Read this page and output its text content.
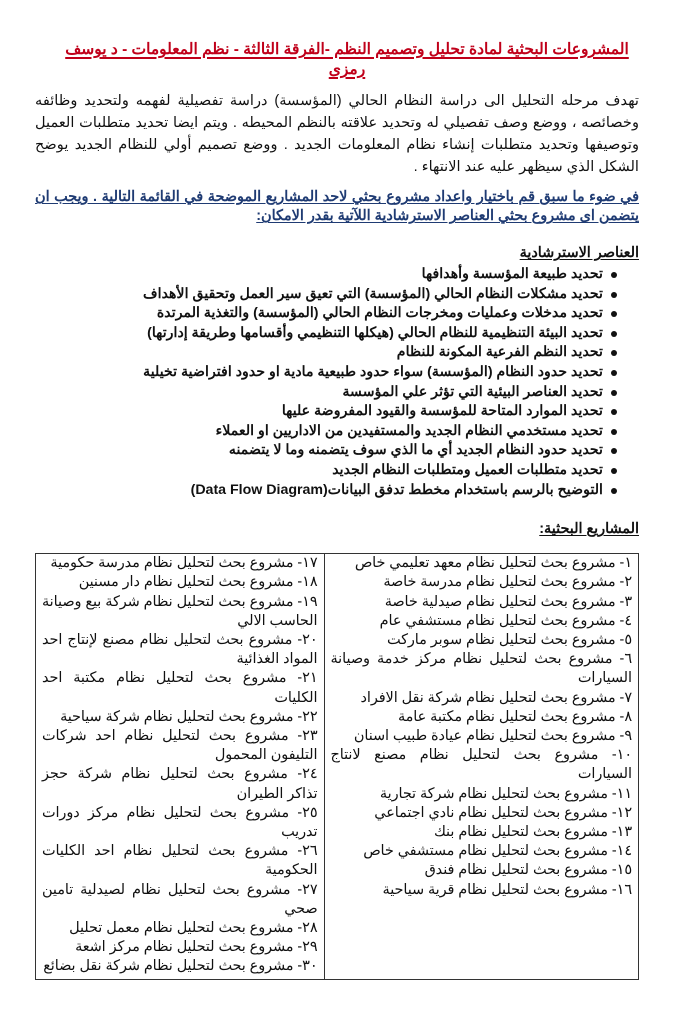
المشروعات البحثية لمادة تحليل وتصميم النظم -الفرقة الثالثة - نظم المعلومات - د يوسف رمزى
تهدف مرحله التحليل الى دراسة النظام الحالي (المؤسسة) دراسة تفصيلية لفهمه ولتحديد وظائفه وخصائصه ، ووضع وصف تفصيلي له وتحديد علاقته بالنظم المحيطه . ويتم ايضا تحديد متطلبات العميل وتوصيفها وتحديد متطلبات إنشاء نظام المعلومات الجديد . ووضع تصميم أولي للنظام الجديد يوضح الشكل الذي سيظهر عليه عند الانتهاء .
في ضوء ما سبق قم باختيار واعداد مشروع بحثي لاحد المشاريع الموضحة في القائمة التالية . ويجب ان يتضمن اى مشروع بحثي العناصر الاسترشادية اللآتية بقدر الامكان:
العناصر الاسترشادية
تحديد طبيعة المؤسسة وأهدافها
تحديد مشكلات النظام الحالي (المؤسسة) التي تعيق سير العمل وتحقيق الأهداف
تحديد مدخلات وعمليات ومخرجات النظام الحالي (المؤسسة) والتغذية المرتدة
تحديد البيئة التنظيمية للنظام الحالي (هيكلها التنظيمي وأقسامها وطريقة إدارتها)
تحديد النظم الفرعية المكونة للنظام
تحديد حدود النظام (المؤسسة) سواء حدود طبيعية مادية او حدود افتراضية تخيلية
تحديد العناصر البيئية التي تؤثر علي المؤسسة
تحديد الموارد المتاحة للمؤسسة والقيود المفروضة عليها
تحديد مستخدمي النظام الجديد والمستفيدين من الاداريين او العملاء
تحديد حدود النظام الجديد أي ما الذي سوف يتضمنه وما لا يتضمنه
تحديد متطلبات العميل ومتطلبات النظام الجديد
التوضيح بالرسم باستخدام مخطط تدفق البيانات(Data Flow Diagram)
المشاريع البحثية:
١- مشروع بحث لتحليل نظام معهد تعليمي خاص
٢- مشروع بحث لتحليل نظام مدرسة خاصة
٣- مشروع بحث لتحليل نظام صيدلية خاصة
٤- مشروع بحث لتحليل نظام مستشفي عام
٥- مشروع بحث لتحليل نظام سوبر ماركت
٦- مشروع بحث لتحليل نظام مركز خدمة وصيانة السيارات
٧- مشروع بحث لتحليل نظام شركة نقل الافراد
٨- مشروع بحث لتحليل نظام مكتبة عامة
٩- مشروع بحث لتحليل نظام عيادة طبيب اسنان
١٠- مشروع بحث لتحليل نظام مصنع لانتاج السيارات
١١- مشروع بحث لتحليل نظام شركة تجارية
١٢- مشروع بحث لتحليل نظام نادي اجتماعي
١٣- مشروع بحث لتحليل نظام بنك
١٤- مشروع بحث لتحليل نظام مستشفي خاص
١٥- مشروع بحث لتحليل نظام فندق
١٦- مشروع بحث لتحليل نظام قرية سياحية

١٧- مشروع بحث لتحليل نظام مدرسة حكومية
١٨- مشروع بحث لتحليل نظام دار مسنين
١٩- مشروع بحث لتحليل نظام شركة بيع وصيانة الحاسب الالي
٢٠- مشروع بحث لتحليل نظام مصنع لإنتاج احد المواد الغذائية
٢١- مشروع بحث لتحليل نظام مكتبة احد الكليات
٢٢- مشروع بحث لتحليل نظام شركة سياحية
٢٣- مشروع بحث لتحليل نظام احد شركات التليفون المحمول
٢٤- مشروع بحث لتحليل نظام شركة حجز تذاكر الطيران
٢٥- مشروع بحث لتحليل نظام مركز دورات تدريب
٢٦- مشروع بحث لتحليل نظام احد الكليات الحكومية
٢٧- مشروع بحث لتحليل نظام لصيدلية تامين صحي
٢٨- مشروع بحث لتحليل نظام معمل تحليل
٢٩- مشروع بحث لتحليل نظام مركز اشعة
٣٠- مشروع بحث لتحليل نظام شركة نقل بضائع
